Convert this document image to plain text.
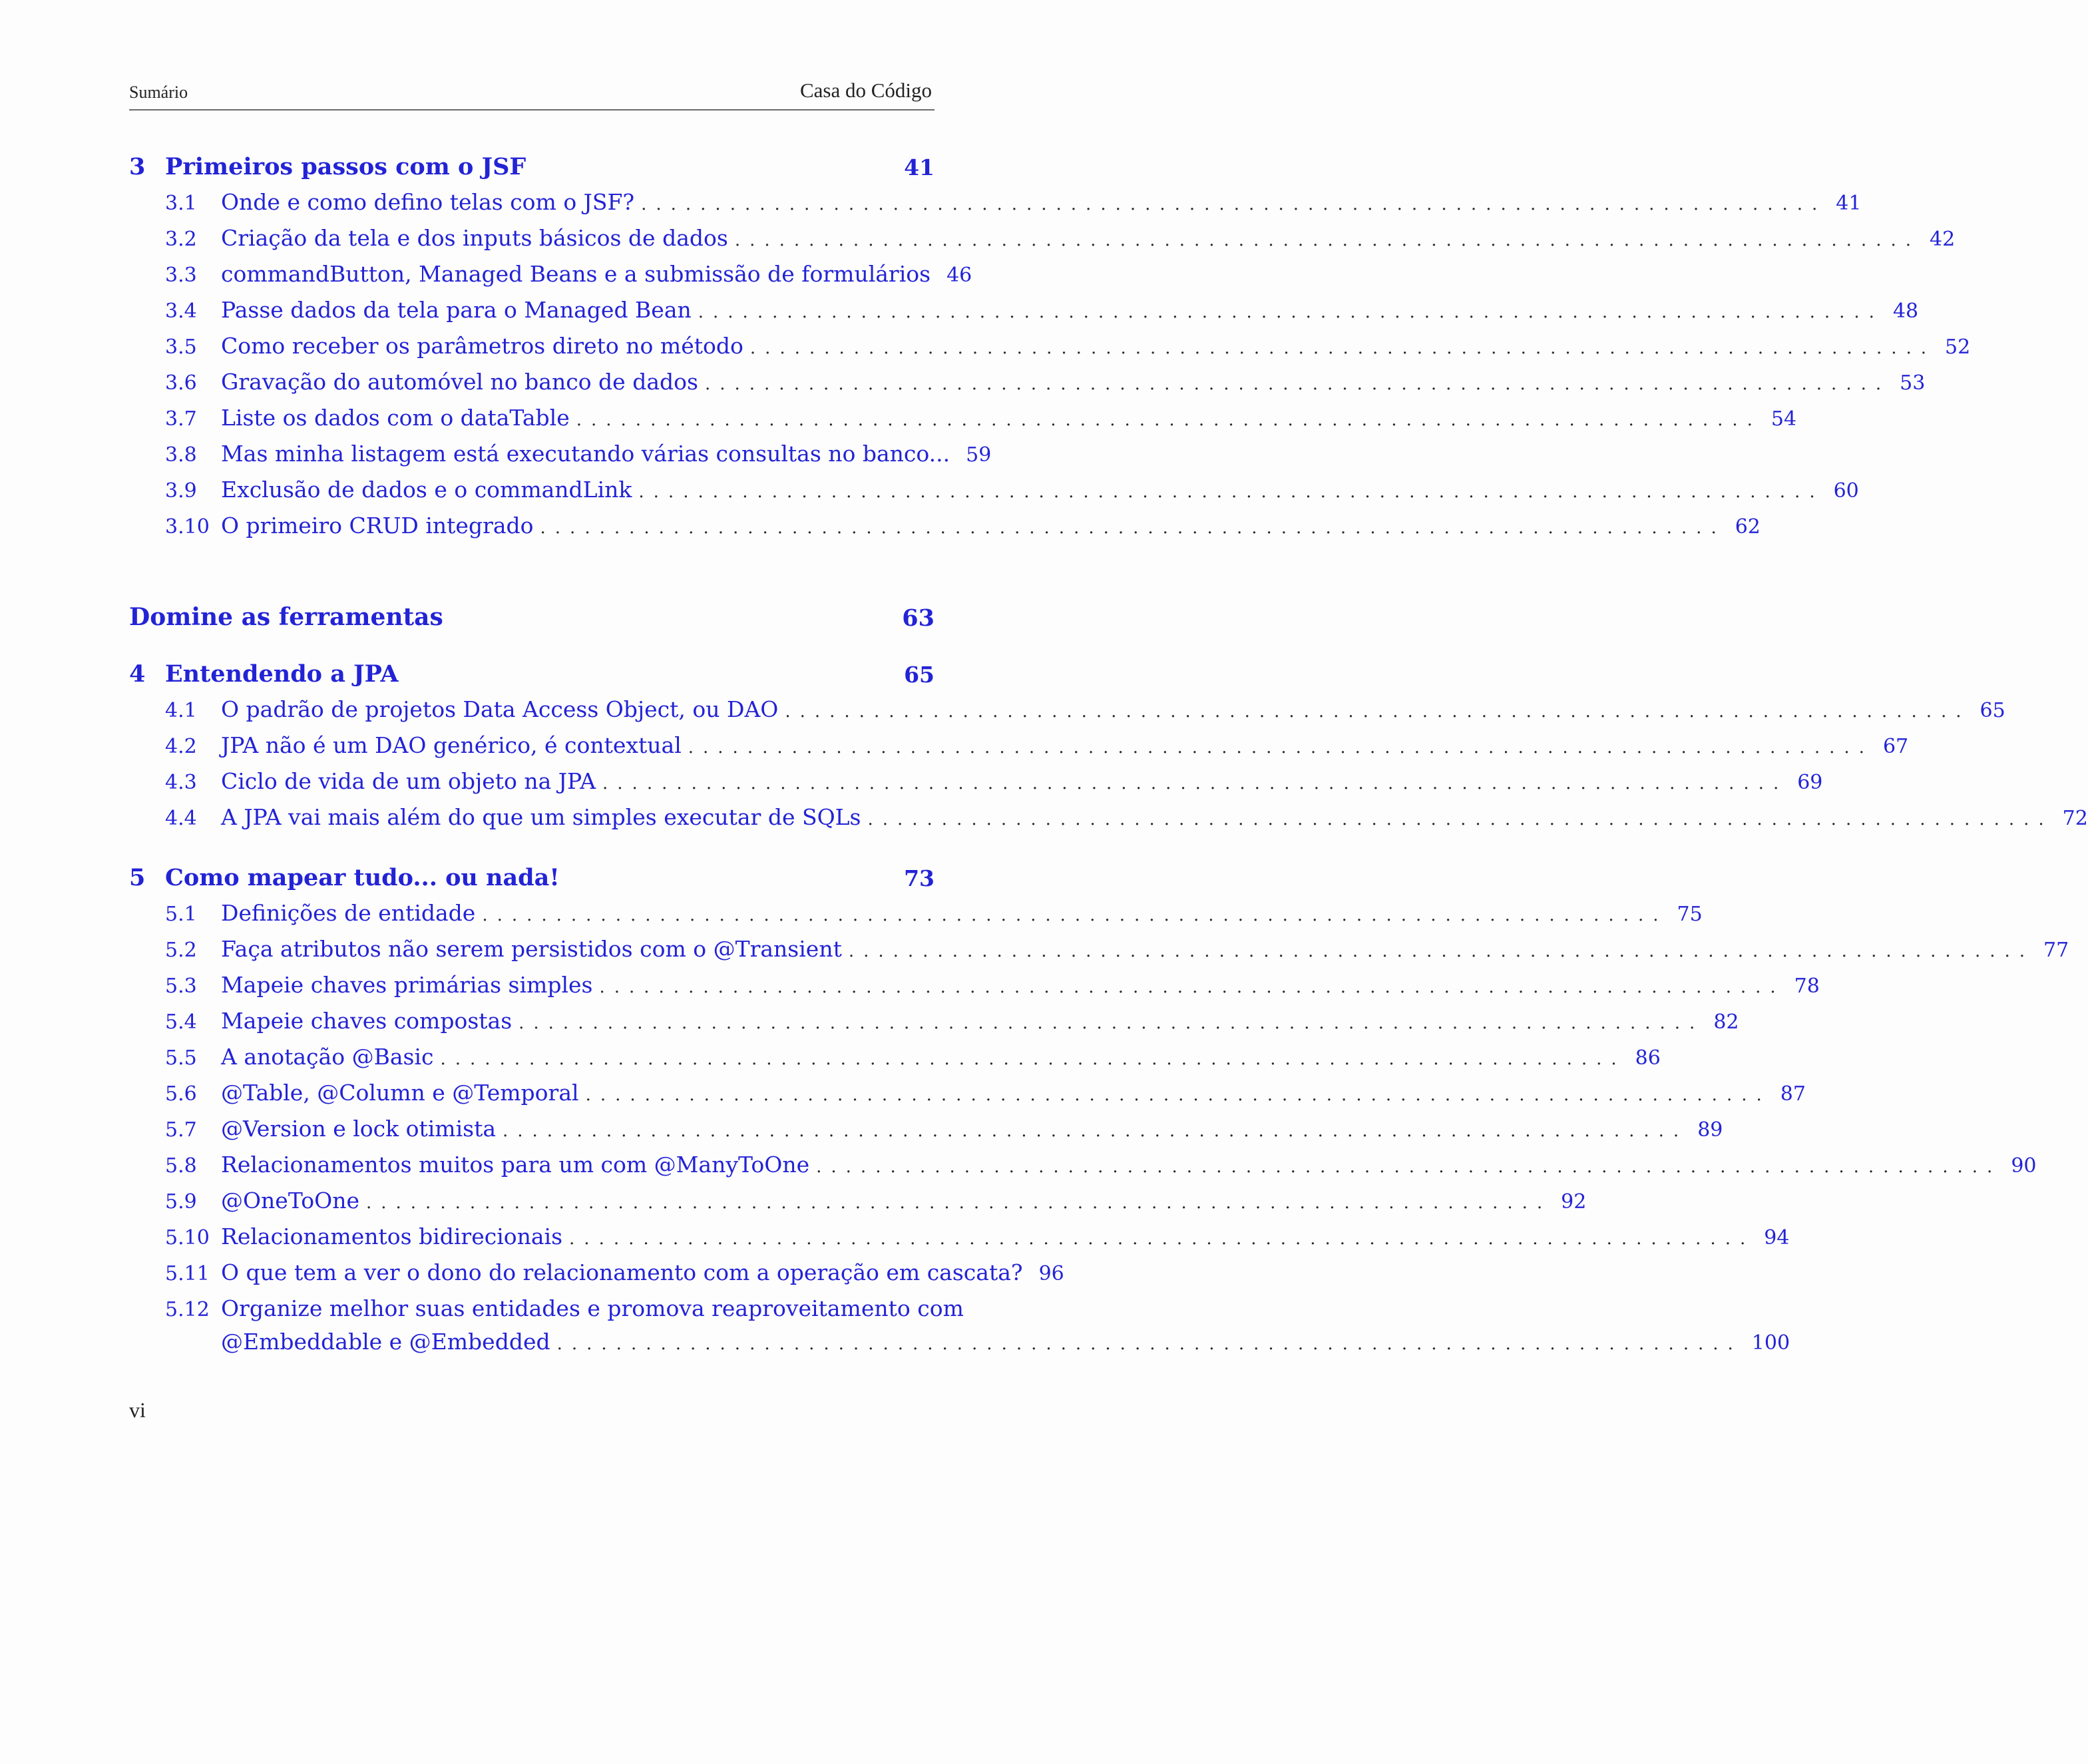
Sumário	Casa do Código
3 Primeiros passos com o JSF	41
3.1	Onde e como defino telas com o JSF? ................................................................................ 41
3.2	Criação da tela e dos inputs básicos de dados ................................................................................ 42
3.3	commandButton, Managed Beans e a submissão de formulários 46
3.4	Passe dados da tela para o Managed Bean ................................................................................ 48
3.5	Como receber os parâmetros direto no método ................................................................................ 52
3.6	Gravação do automóvel no banco de dados ................................................................................ 53
3.7	Liste os dados com o dataTable ................................................................................ 54
3.8	Mas minha listagem está executando várias consultas no banco... 59
3.9	Exclusão de dados e o commandLink ................................................................................ 60
3.10 O primeiro CRUD integrado ................................................................................ 62
Domine as ferramentas	63
4 Entendendo a JPA	65
4.1	O padrão de projetos Data Access Object, ou DAO ................................................................................ 65
4.2	JPA não é um DAO genérico, é contextual ................................................................................ 67
4.3	Ciclo de vida de um objeto na JPA ................................................................................ 69
4.4	A JPA vai mais além do que um simples executar de SQLs ................................................................................ 72
5 Como mapear tudo... ou nada!	73
5.1	Definições de entidade ................................................................................ 75
5.2	Faça atributos não serem persistidos com o @Transient ................................................................................ 77
5.3	Mapeie chaves primárias simples ................................................................................ 78
5.4	Mapeie chaves compostas ................................................................................ 82
5.5	A anotação @Basic ................................................................................ 86
5.6	@Table, @Column e @Temporal ................................................................................ 87
5.7	@Version e lock otimista ................................................................................ 89
5.8	Relacionamentos muitos para um com @ManyToOne ................................................................................ 90
5.9	@OneToOne ................................................................................ 92
5.10 Relacionamentos bidirecionais ................................................................................ 94
5.11 O que tem a ver o dono do relacionamento com a operação em cascata? 96
5.12 Organize melhor suas entidades e promova reaproveitamento com
@Embeddable e @Embedded ................................................................................ 100
vi
